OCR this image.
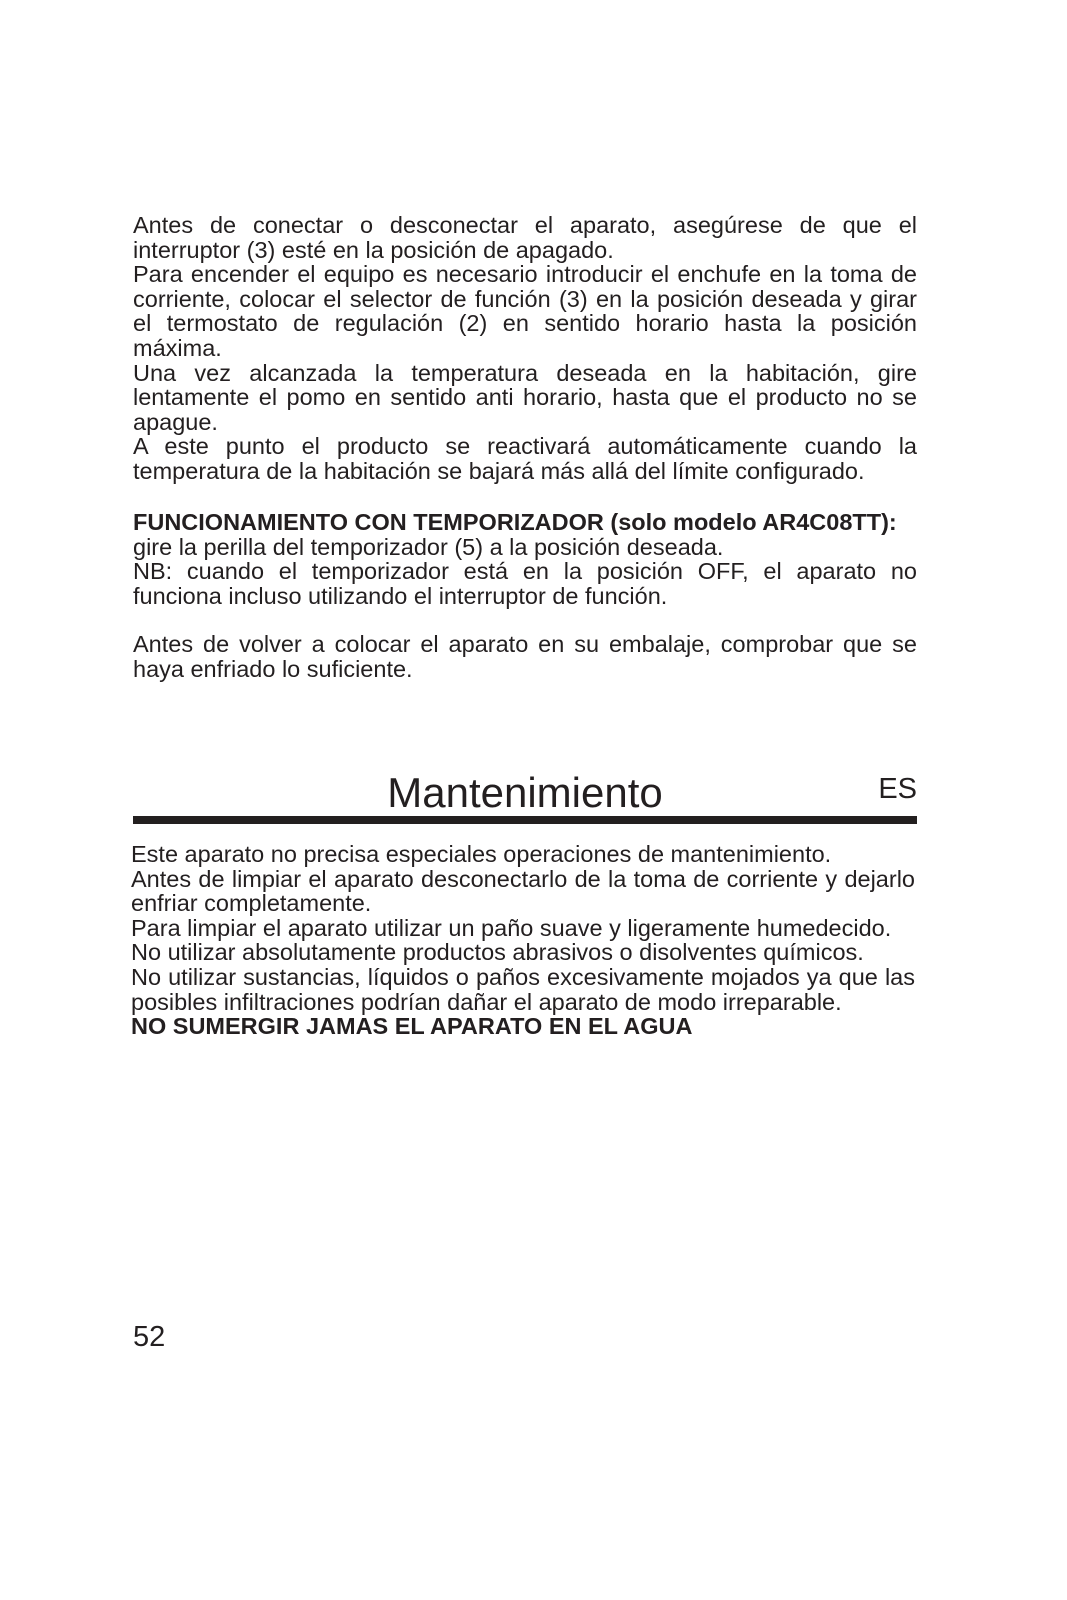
Antes de conectar o desconectar el aparato, asegúrese de que el interruptor (3) esté en la posición de apagado.

Para encender el equipo es necesario introducir el enchufe en la toma de corriente, colocar el selector de función (3) en la posición deseada y girar el termostato de regulación (2) en sentido horario hasta la posición máxima.

Una vez alcanzada la temperatura deseada en la habitación, gire lentamente el pomo en sentido anti horario, hasta que el producto no se apague.

A este punto el producto se reactivará automáticamente cuando la temperatura de la habitación se bajará más allá del límite configurado.

FUNCIONAMIENTO CON TEMPORIZADOR (solo modelo AR4C08TT):

gire la perilla del temporizador (5) a la posición deseada.

NB: cuando el temporizador está en la posición OFF, el aparato no funciona incluso utilizando el interruptor de función.

Antes de volver a colocar el aparato en su embalaje, comprobar que se haya enfriado lo suficiente.

Mantenimiento	ES

Este aparato no precisa especiales operaciones de mantenimiento.

Antes de limpiar el aparato desconectarlo de la toma de corriente y dejarlo enfriar completamente.

Para limpiar el aparato utilizar un paño suave y ligeramente humedecido.

No utilizar absolutamente productos abrasivos o disolventes químicos.

No utilizar sustancias, líquidos o paños excesivamente mojados ya que las posibles infiltraciones podrían dañar el aparato de modo irreparable.

NO SUMERGIR JAMAS EL APARATO EN EL AGUA

52
